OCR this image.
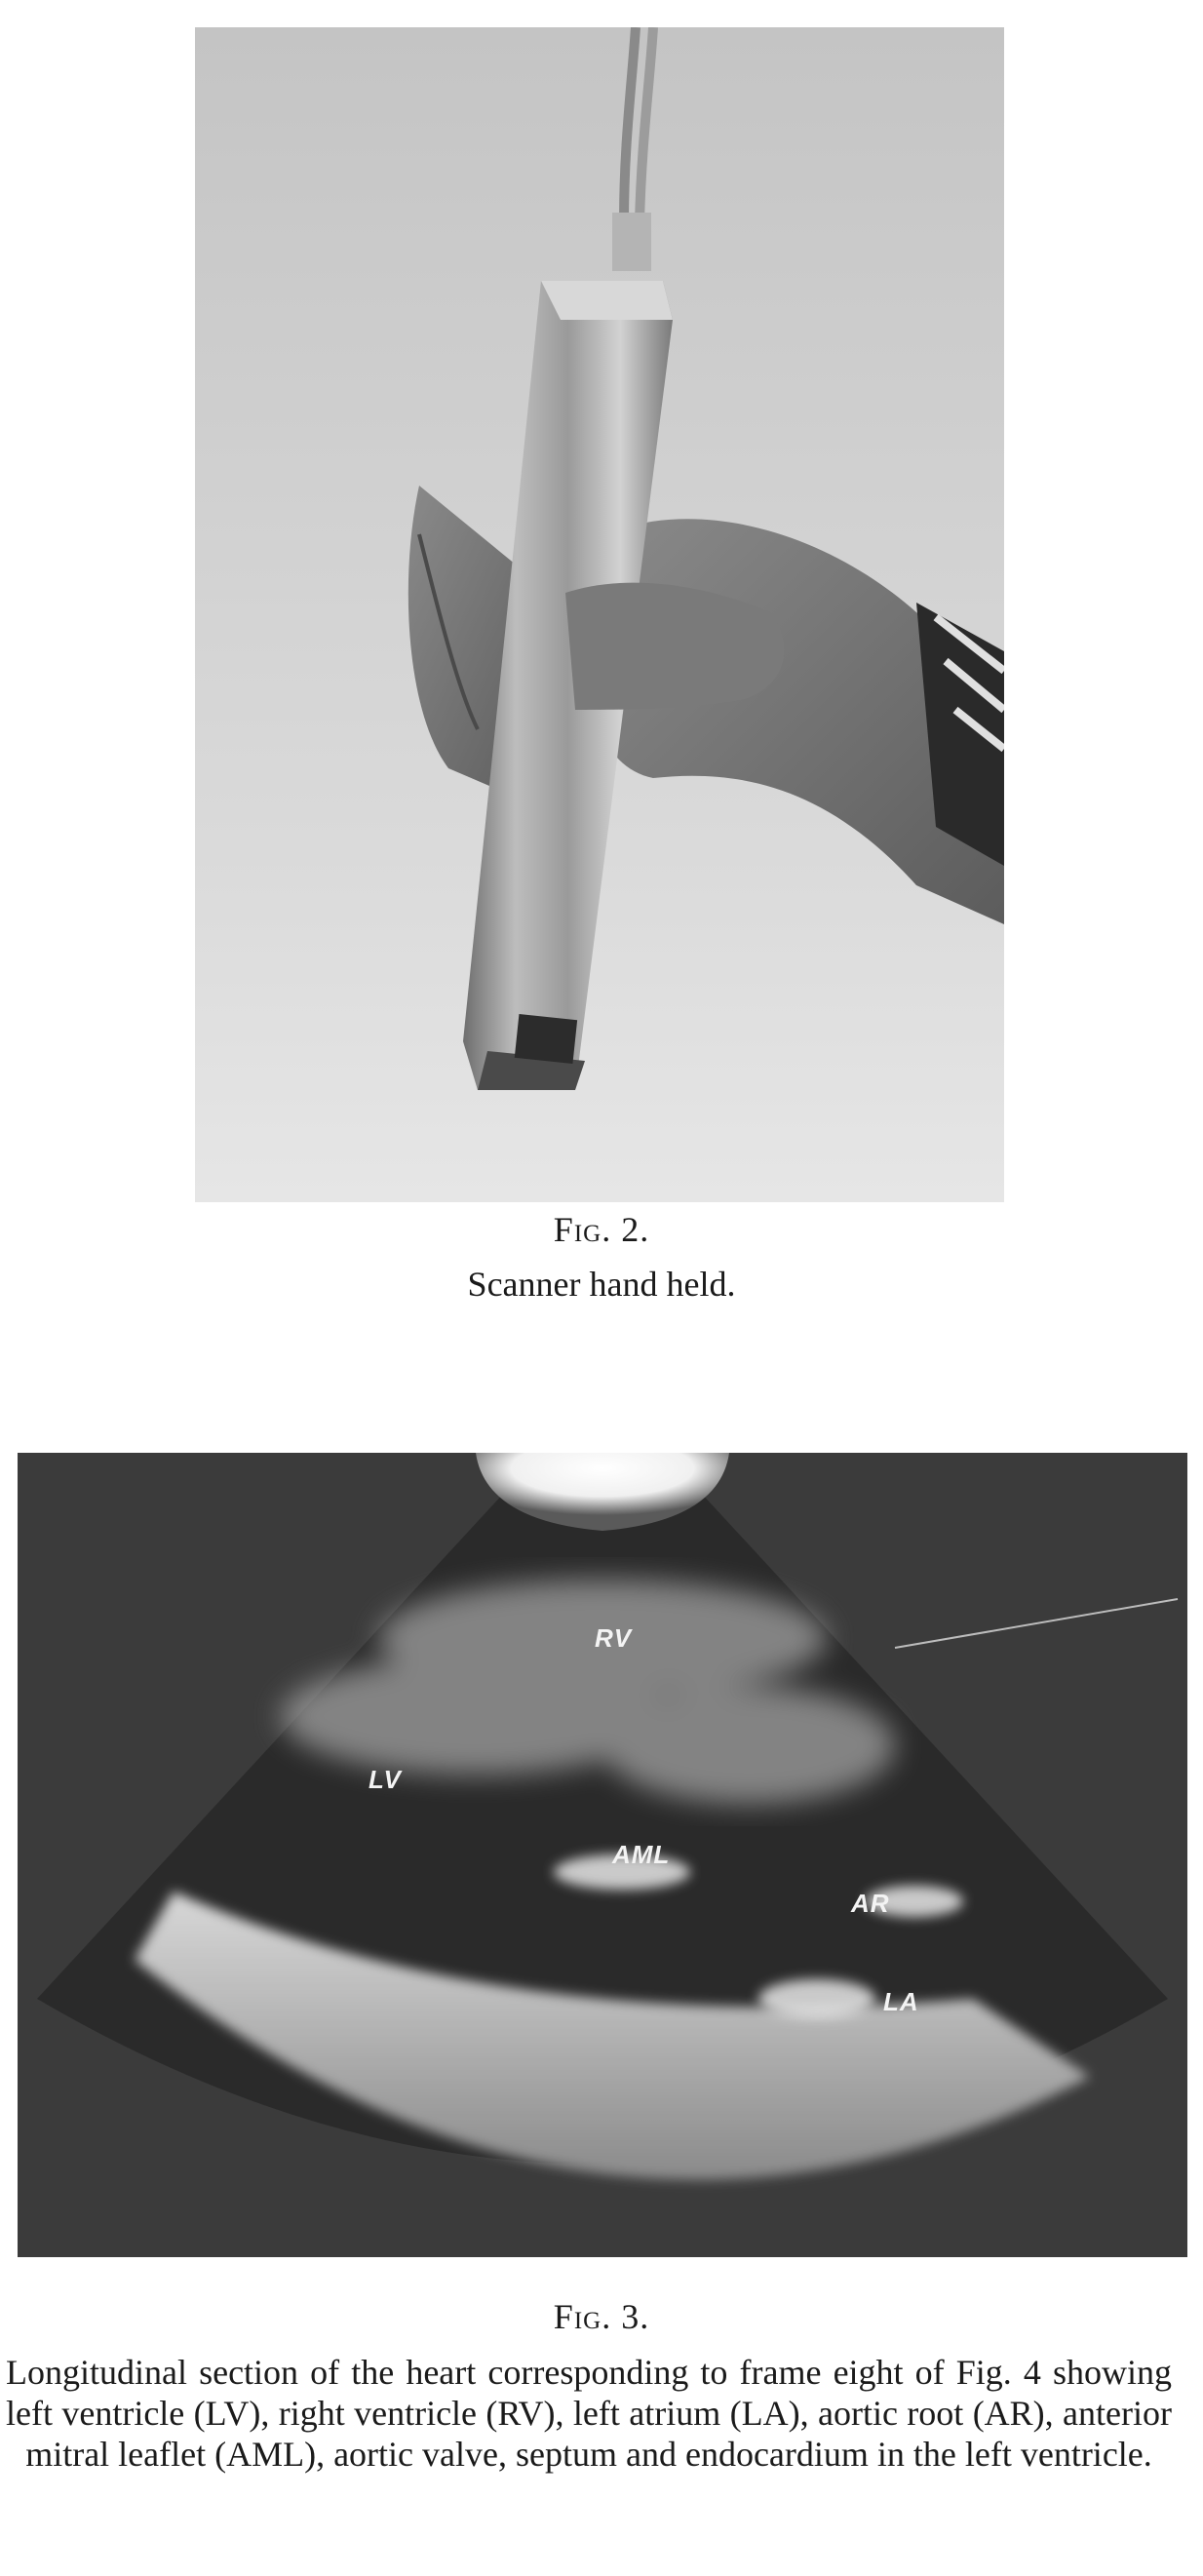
Fig. 2.
Scanner hand held.
RV
LV
AML
AR
LA
Fig. 3.
Longitudinal section of the heart corresponding to frame eight of Fig. 4 showing left ventricle (LV), right ventricle (RV), left atrium (LA), aortic root (AR), anterior mitral leaflet (AML), aortic valve, septum and endocardium in the left ventricle.
